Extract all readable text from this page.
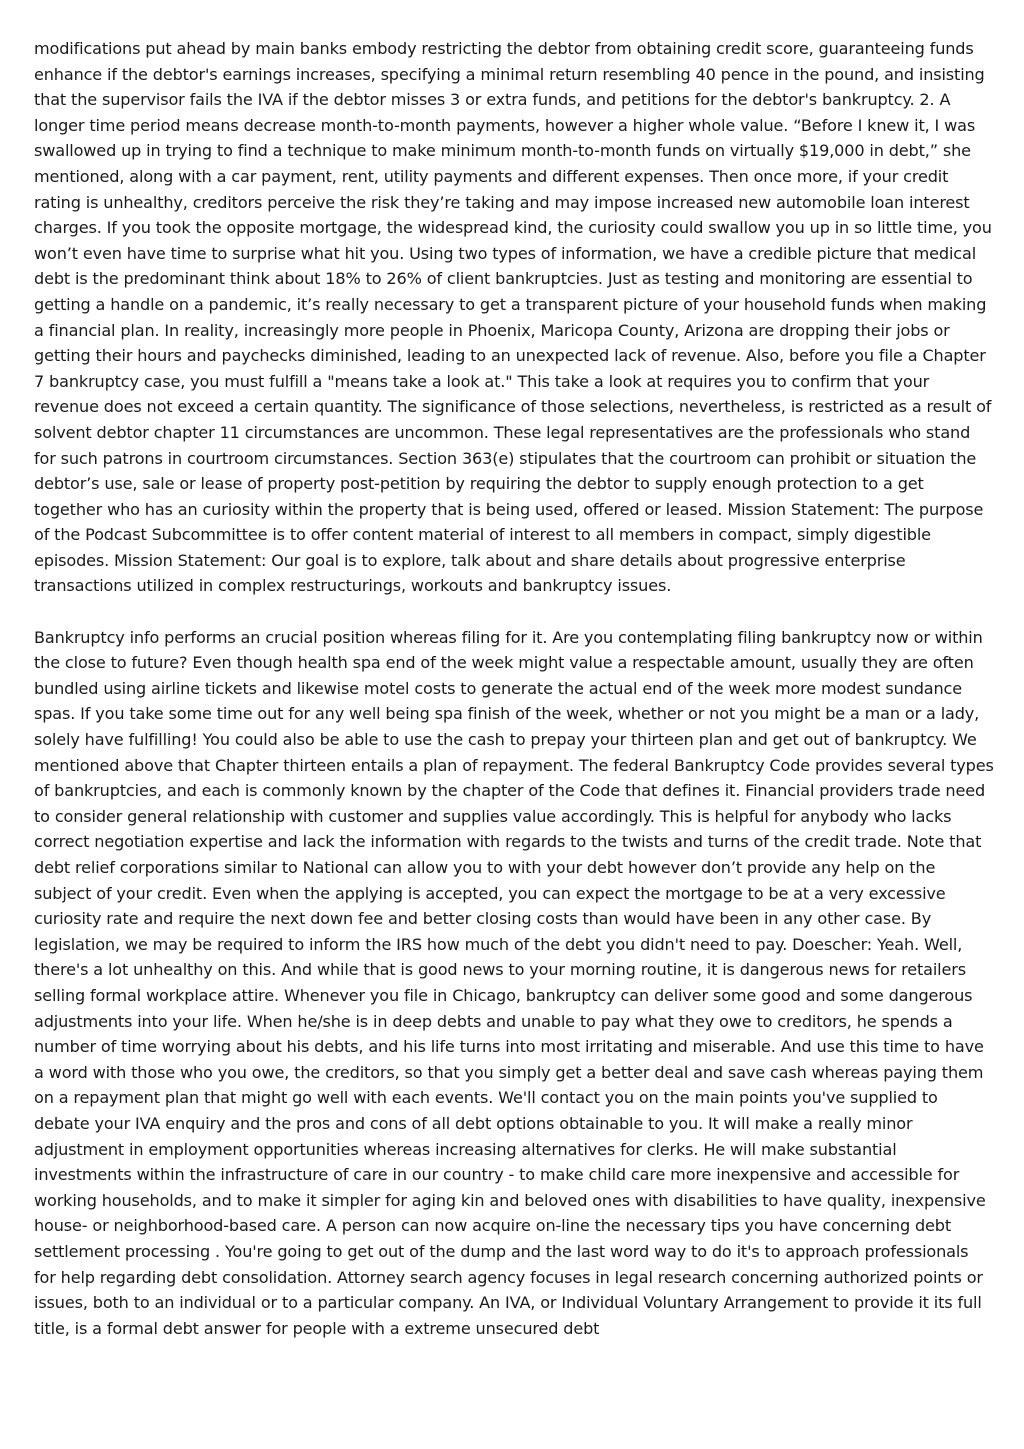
modifications put ahead by main banks embody restricting the debtor from obtaining credit score, guaranteeing funds enhance if the debtor's earnings increases, specifying a minimal return resembling 40 pence in the pound, and insisting that the supervisor fails the IVA if the debtor misses 3 or extra funds, and petitions for the debtor's bankruptcy. 2. A longer time period means decrease month-to-month payments, however a higher whole value. “Before I knew it, I was swallowed up in trying to find a technique to make minimum month-to-month funds on virtually $19,000 in debt,” she mentioned, along with a car payment, rent, utility payments and different expenses. Then once more, if your credit rating is unhealthy, creditors perceive the risk they’re taking and may impose increased new automobile loan interest charges. If you took the opposite mortgage, the widespread kind, the curiosity could swallow you up in so little time, you won’t even have time to surprise what hit you. Using two types of information, we have a credible picture that medical debt is the predominant think about 18% to 26% of client bankruptcies. Just as testing and monitoring are essential to getting a handle on a pandemic, it’s really necessary to get a transparent picture of your household funds when making a financial plan. In reality, increasingly more people in Phoenix, Maricopa County, Arizona are dropping their jobs or getting their hours and paychecks diminished, leading to an unexpected lack of revenue. Also, before you file a Chapter 7 bankruptcy case, you must fulfill a "means take a look at." This take a look at requires you to confirm that your revenue does not exceed a certain quantity. The significance of those selections, nevertheless, is restricted as a result of solvent debtor chapter 11 circumstances are uncommon. These legal representatives are the professionals who stand for such patrons in courtroom circumstances. Section 363(e) stipulates that the courtroom can prohibit or situation the debtor’s use, sale or lease of property post-petition by requiring the debtor to supply enough protection to a get together who has an curiosity within the property that is being used, offered or leased. Mission Statement: The purpose of the Podcast Subcommittee is to offer content material of interest to all members in compact, simply digestible episodes. Mission Statement: Our goal is to explore, talk about and share details about progressive enterprise transactions utilized in complex restructurings, workouts and bankruptcy issues.

Bankruptcy info performs an crucial position whereas filing for it. Are you contemplating filing bankruptcy now or within the close to future? Even though health spa end of the week might value a respectable amount, usually they are often bundled using airline tickets and likewise motel costs to generate the actual end of the week more modest sundance spas. If you take some time out for any well being spa finish of the week, whether or not you might be a man or a lady, solely have fulfilling! You could also be able to use the cash to prepay your thirteen plan and get out of bankruptcy. We mentioned above that Chapter thirteen entails a plan of repayment. The federal Bankruptcy Code provides several types of bankruptcies, and each is commonly known by the chapter of the Code that defines it. Financial providers trade need to consider general relationship with customer and supplies value accordingly. This is helpful for anybody who lacks correct negotiation expertise and lack the information with regards to the twists and turns of the credit trade. Note that debt relief corporations similar to National can allow you to with your debt however don’t provide any help on the subject of your credit. Even when the applying is accepted, you can expect the mortgage to be at a very excessive curiosity rate and require the next down fee and better closing costs than would have been in any other case. By legislation, we may be required to inform the IRS how much of the debt you didn't need to pay. Doescher: Yeah. Well, there's a lot unhealthy on this. And while that is good news to your morning routine, it is dangerous news for retailers selling formal workplace attire. Whenever you file in Chicago, bankruptcy can deliver some good and some dangerous adjustments into your life. When he/she is in deep debts and unable to pay what they owe to creditors, he spends a number of time worrying about his debts, and his life turns into most irritating and miserable. And use this time to have a word with those who you owe, the creditors, so that you simply get a better deal and save cash whereas paying them on a repayment plan that might go well with each events. We'll contact you on the main points you've supplied to debate your IVA enquiry and the pros and cons of all debt options obtainable to you. It will make a really minor adjustment in employment opportunities whereas increasing alternatives for clerks. He will make substantial investments within the infrastructure of care in our country - to make child care more inexpensive and accessible for working households, and to make it simpler for aging kin and beloved ones with disabilities to have quality, inexpensive house- or neighborhood-based care. A person can now acquire on-line the necessary tips you have concerning debt settlement processing . You're going to get out of the dump and the last word way to do it's to approach professionals for help regarding debt consolidation. Attorney search agency focuses in legal research concerning authorized points or issues, both to an individual or to a particular company. An IVA, or Individual Voluntary Arrangement to provide it its full title, is a formal debt answer for people with a extreme unsecured debt
